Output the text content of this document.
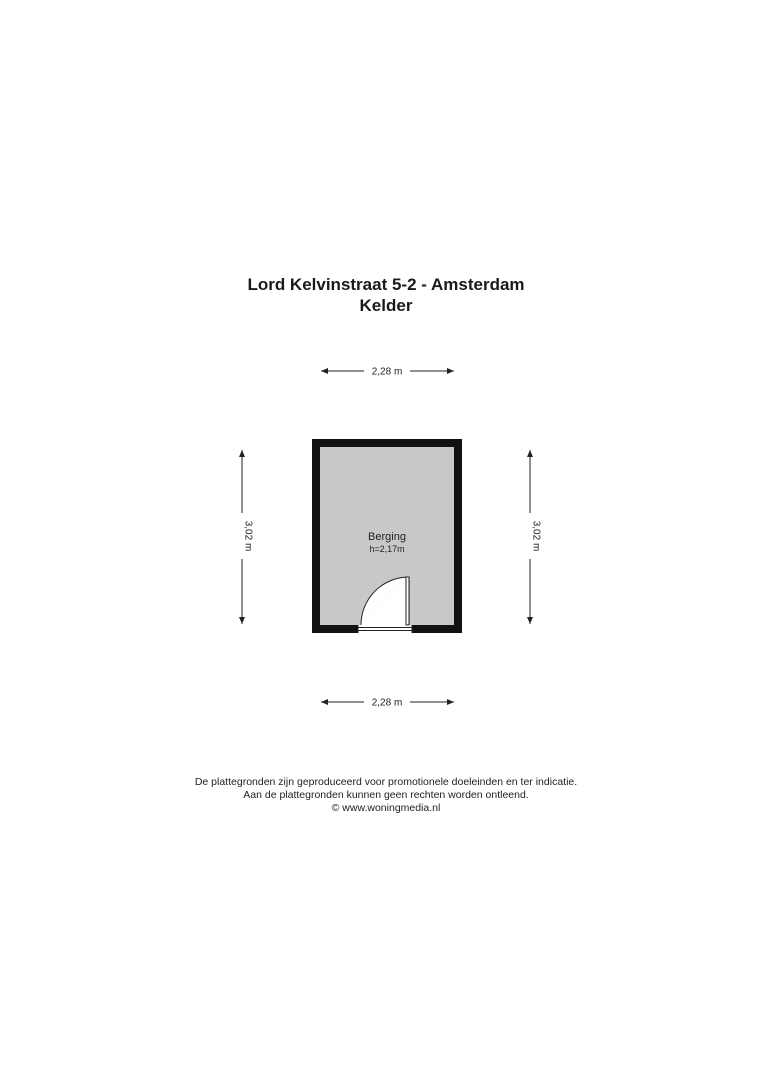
Lord Kelvinstraat 5-2 - Amsterdam
Kelder
2,28 m
2,28 m
3,02 m	3,02 m
Berging
h=2,17m
De plattegronden zijn geproduceerd voor promotionele doeleinden en ter indicatie.
Aan de plattegronden kunnen geen rechten worden ontleend.
© www.woningmedia.nl
